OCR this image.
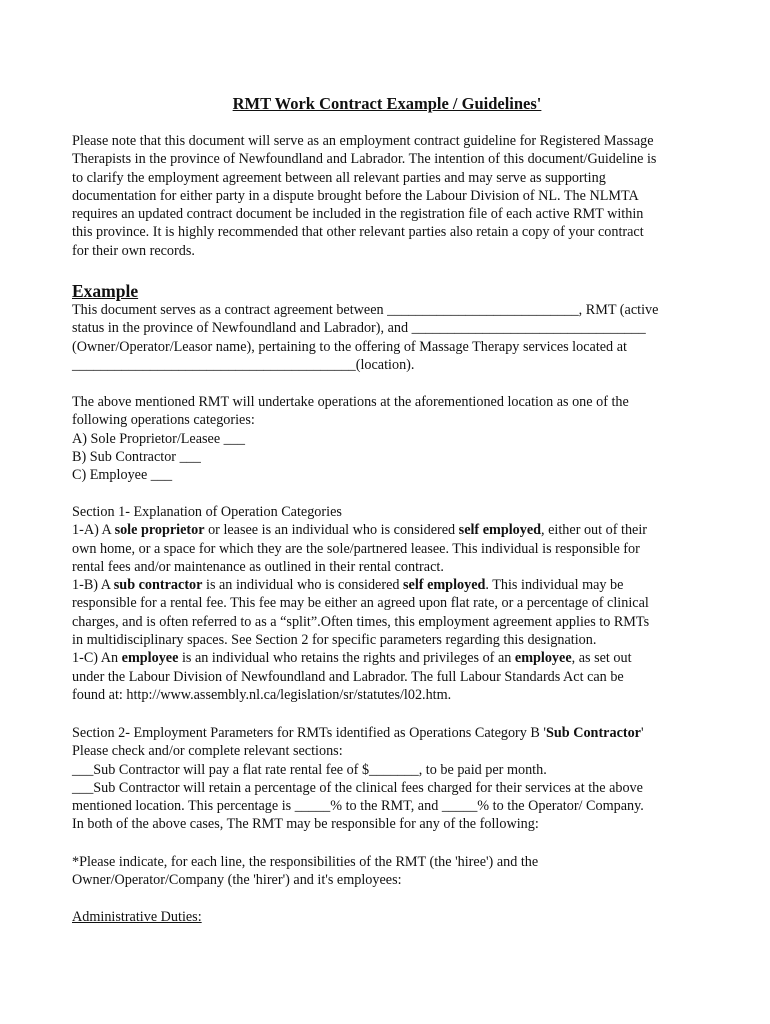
RMT Work Contract Example / Guidelines'

Please note that this document will serve as an employment contract guideline for Registered Massage

Therapists in the province of Newfoundland and Labrador. The intention of this document/Guideline is

to clarify the employment agreement between all relevant parties and may serve as supporting

documentation for either party in a dispute brought before the Labour Division of NL. The NLMTA

requires an updated contract document be included in the registration file of each active RMT within

this province. It is highly recommended that other relevant parties also retain a copy of your contract

for their own records.

Example

This document serves as a contract agreement between ___________________________, RMT (active

status in the province of Newfoundland and Labrador), and _________________________________

(Owner/Operator/Leasor name), pertaining to the offering of Massage Therapy services located at

________________________________________(location).

The above mentioned RMT will undertake operations at the aforementioned location as one of the

following operations categories:

A) Sole Proprietor/Leasee ___

B) Sub Contractor ___

C) Employee ___

Section 1- Explanation of Operation Categories

1-A) A sole proprietor or leasee is an individual who is considered self employed, either out of their

own home, or a space for which they are the sole/partnered leasee. This individual is responsible for

rental fees and/or maintenance as outlined in their rental contract.

1-B) A sub contractor is an individual who is considered self employed. This individual may be

responsible for a rental fee. This fee may be either an agreed upon flat rate, or a percentage of clinical

charges, and is often referred to as a “split”.Often times, this employment agreement applies to RMTs

in multidisciplinary spaces. See Section 2 for specific parameters regarding this designation.

1-C) An employee is an individual who retains the rights and privileges of an employee, as set out

under the Labour Division of Newfoundland and Labrador. The full Labour Standards Act can be

found at: http://www.assembly.nl.ca/legislation/sr/statutes/l02.htm.

Section 2- Employment Parameters for RMTs identified as Operations Category B 'Sub Contractor'

Please check and/or complete relevant sections:

___Sub Contractor will pay a flat rate rental fee of $_______, to be paid per month.

___Sub Contractor will retain a percentage of the clinical fees charged for their services at the above

mentioned location. This percentage is _____% to the RMT, and _____% to the Operator/ Company.

In both of the above cases, The RMT may be responsible for any of the following:

*Please indicate, for each line, the responsibilities of the RMT (the 'hiree') and the

Owner/Operator/Company (the 'hirer') and it's employees:

Administrative Duties:
